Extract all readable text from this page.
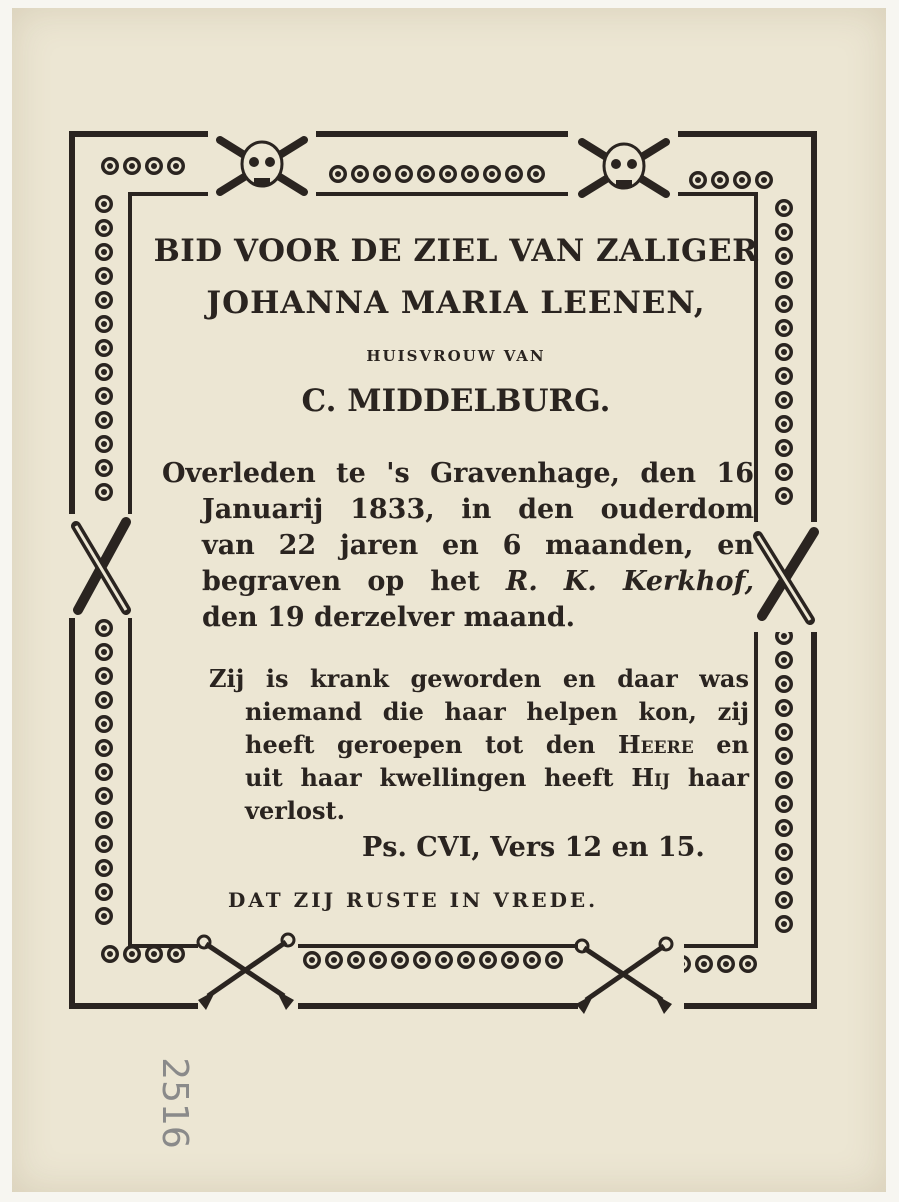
BID VOOR DE ZIEL VAN ZALIGER

JOHANNA MARIA LEENEN,

HUISVROUW VAN

C. MIDDELBURG.

Overleden te 's Gravenhage, den 16
Januarij 1833, in den ouderdom
van 22 jaren en 6 maanden, en
begraven op het R. K. Kerkhof,
den 19 derzelver maand.
Zij is krank geworden en daar was
niemand die haar helpen kon, zij
heeft geroepen tot den Heere en
uit haar kwellingen heeft Hij haar
verlost.
Ps. CVI, Vers 12 en 15.
DAT ZIJ RUSTE IN VREDE.
2516
